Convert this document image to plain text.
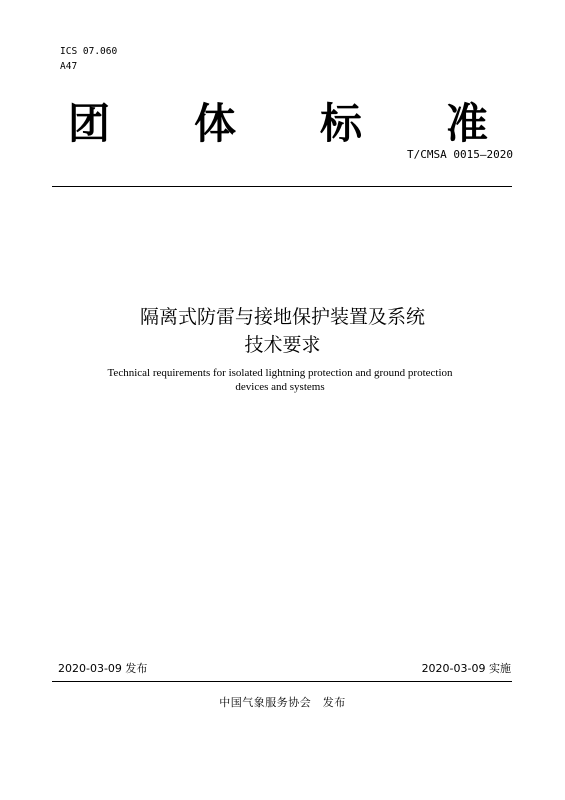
ICS 07.060
A47
团 体 标 准
T/CMSA 0015—2020
隔离式防雷与接地保护装置及系统
技术要求
Technical requirements for isolated lightning protection and ground protection
devices and systems
2020-03-09 发布	2020-03-09 实施
中国气象服务协会　发布
